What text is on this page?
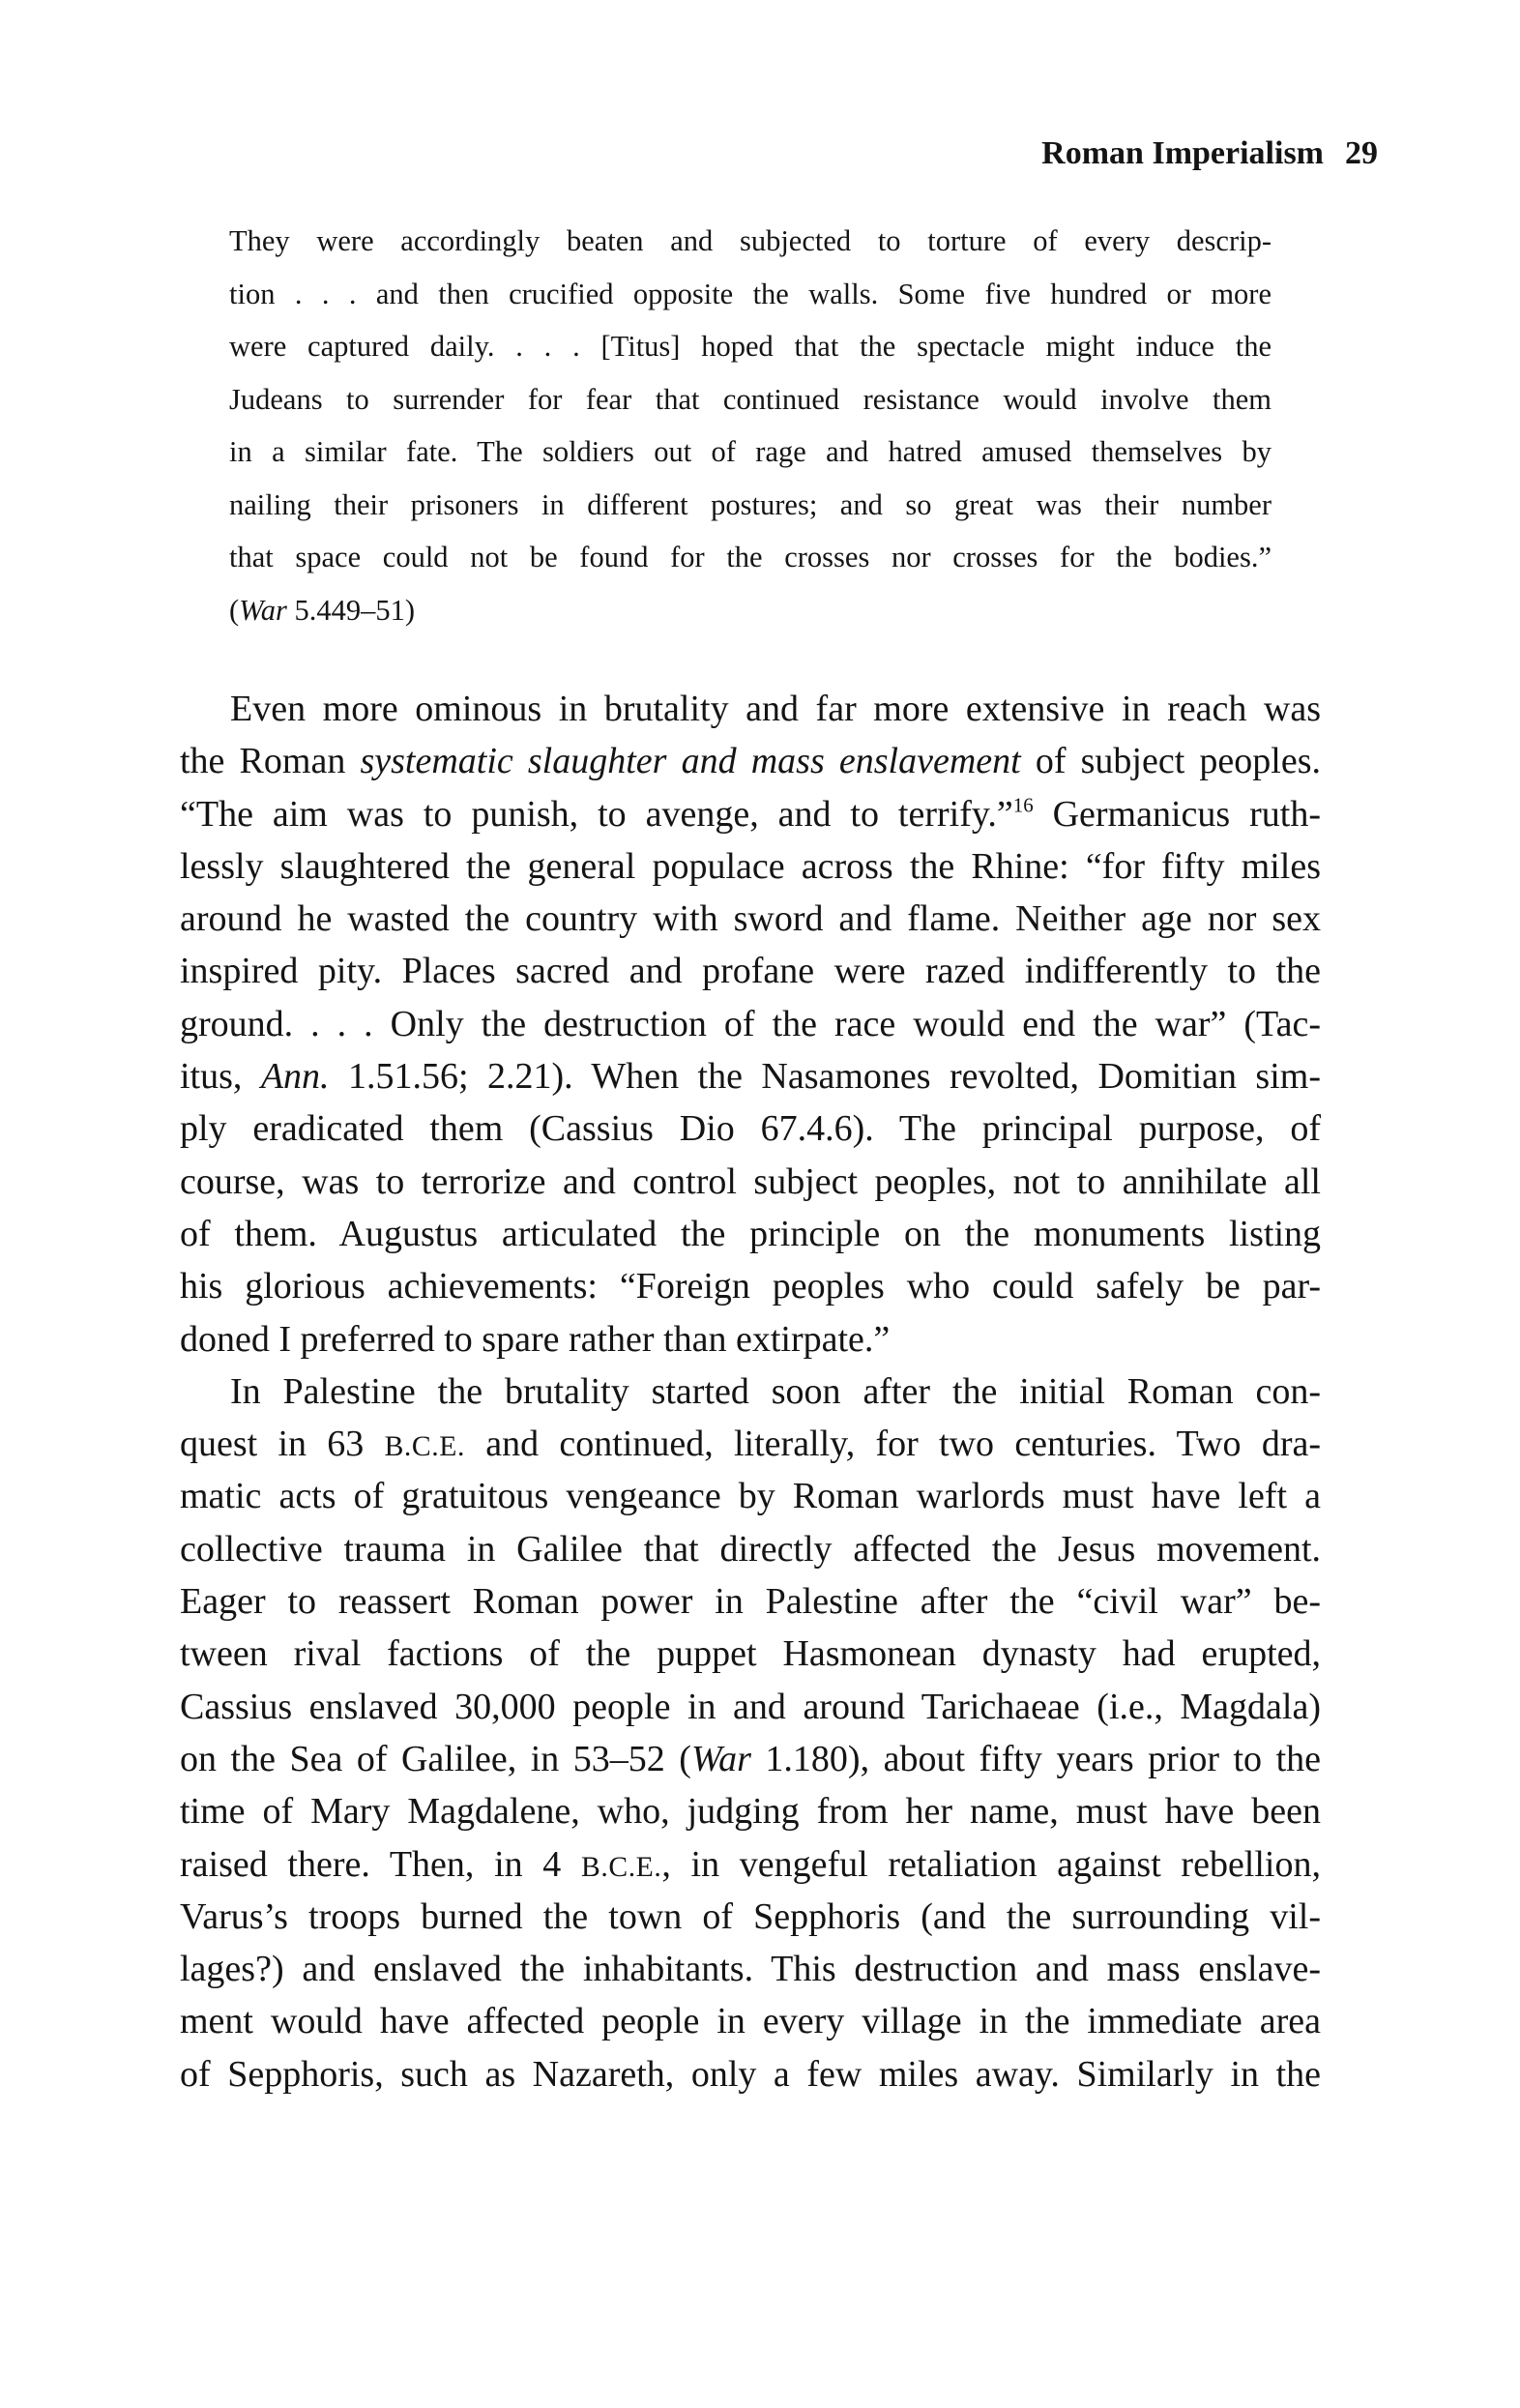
Roman Imperialism 29
They were accordingly beaten and subjected to torture of every descrip-
tion . . . and then crucified opposite the walls. Some five hundred or more
were captured daily. . . . [Titus] hoped that the spectacle might induce the
Judeans to surrender for fear that continued resistance would involve them
in a similar fate. The soldiers out of rage and hatred amused themselves by
nailing their prisoners in different postures; and so great was their number
that space could not be found for the crosses nor crosses for the bodies.”
(War 5.449–51)
Even more ominous in brutality and far more extensive in reach was
the Roman systematic slaughter and mass enslavement of subject peoples.
“The aim was to punish, to avenge, and to terrify.”$^{16}$ Germanicus ruth-
lessly slaughtered the general populace across the Rhine: “for fifty miles
around he wasted the country with sword and flame. Neither age nor sex
inspired pity. Places sacred and profane were razed indifferently to the
ground. . . . Only the destruction of the race would end the war” (Tac-
itus, Ann. 1.51.56; 2.21). When the Nasamones revolted, Domitian sim-
ply eradicated them (Cassius Dio 67.4.6). The principal purpose, of
course, was to terrorize and control subject peoples, not to annihilate all
of them. Augustus articulated the principle on the monuments listing
his glorious achievements: “Foreign peoples who could safely be par-
doned I preferred to spare rather than extirpate.”
In Palestine the brutality started soon after the initial Roman con-
quest in 63 B.C.E. and continued, literally, for two centuries. Two dra-
matic acts of gratuitous vengeance by Roman warlords must have left a
collective trauma in Galilee that directly affected the Jesus movement.
Eager to reassert Roman power in Palestine after the “civil war” be-
tween rival factions of the puppet Hasmonean dynasty had erupted,
Cassius enslaved 30,000 people in and around Tarichaeae (i.e., Magdala)
on the Sea of Galilee, in 53–52 (War 1.180), about fifty years prior to the
time of Mary Magdalene, who, judging from her name, must have been
raised there. Then, in 4 B.C.E., in vengeful retaliation against rebellion,
Varus’s troops burned the town of Sepphoris (and the surrounding vil-
lages?) and enslaved the inhabitants. This destruction and mass enslave-
ment would have affected people in every village in the immediate area
of Sepphoris, such as Nazareth, only a few miles away. Similarly in the
